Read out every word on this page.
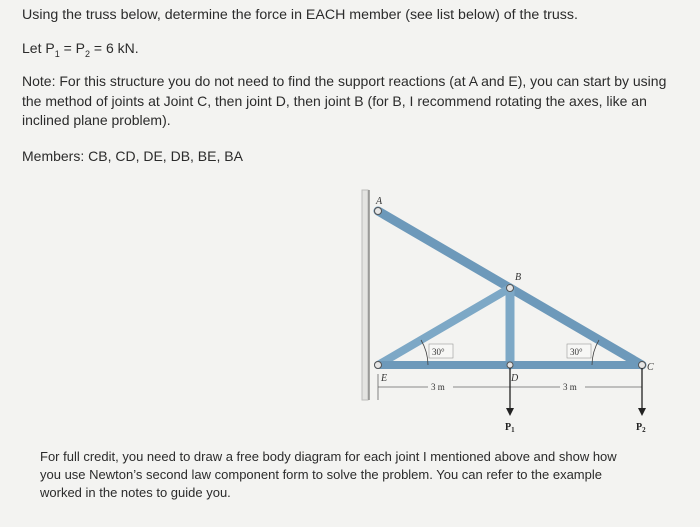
Using the truss below, determine the force in EACH member (see list below) of the truss.
Let $P_1 = P_2 = 6$ kN.
Note: For this structure you do not need to find the support reactions (at A and E), you can start by using
the method of joints at Joint C, then joint D, then joint B (for B, I recommend rotating the axes, like an
inclined plane problem).
Members: CB, CD, DE, DB, BE, BA
A
B
C
D
E
30°	30°
3 m	3 m
$P_1$	$P_2$
For full credit, you need to draw a free body diagram for each joint I mentioned above and show how
you use Newton’s second law component form to solve the problem. You can refer to the example
worked in the notes to guide you.
